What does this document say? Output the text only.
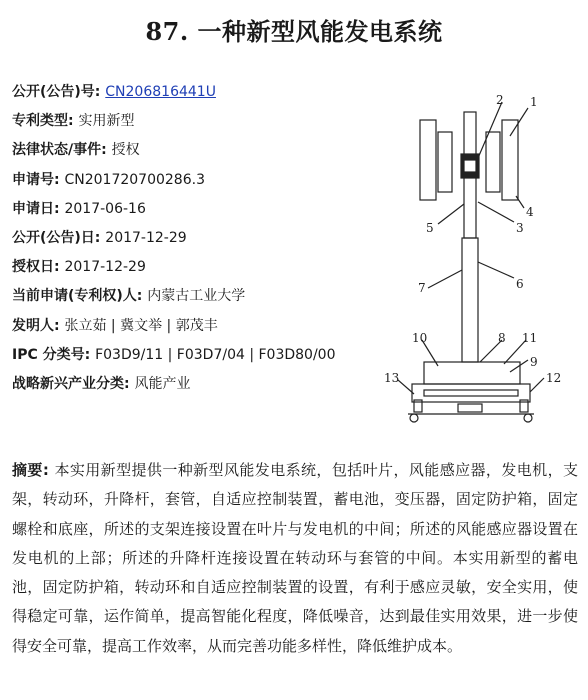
87. 一种新型风能发电系统
公开(公告)号: CN206816441U
专利类型: 实用新型
法律状态/事件: 授权
申请号: CN201720700286.3
申请日: 2017-06-16
公开(公告)日: 2017-12-29
授权日: 2017-12-29
当前申请(专利权)人: 内蒙古工业大学
发明人: 张立茹 | 冀文举 | 郭茂丰
IPC 分类号: F03D9/11 | F03D7/04 | F03D80/00
战略新兴产业分类: 风能产业
1
2
3
4
5
6
7
8
9
10	11
12
13
摘要: 本实用新型提供一种新型风能发电系统，包括叶片，风能感应器，发电机，支架，转动环，升降杆，套管，自适应控制装置，蓄电池，变压器，固定防护箱，固定螺栓和底座，所述的支架连接设置在叶片与发电机的中间；所述的风能感应器设置在发电机的上部；所述的升降杆连接设置在转动环与套管的中间。本实用新型的蓄电池，固定防护箱，转动环和自适应控制装置的设置，有利于感应灵敏，安全实用，使得稳定可靠，运作简单，提高智能化程度，降低噪音，达到最佳实用效果，进一步使得安全可靠，提高工作效率，从而完善功能多样性，降低维护成本。
